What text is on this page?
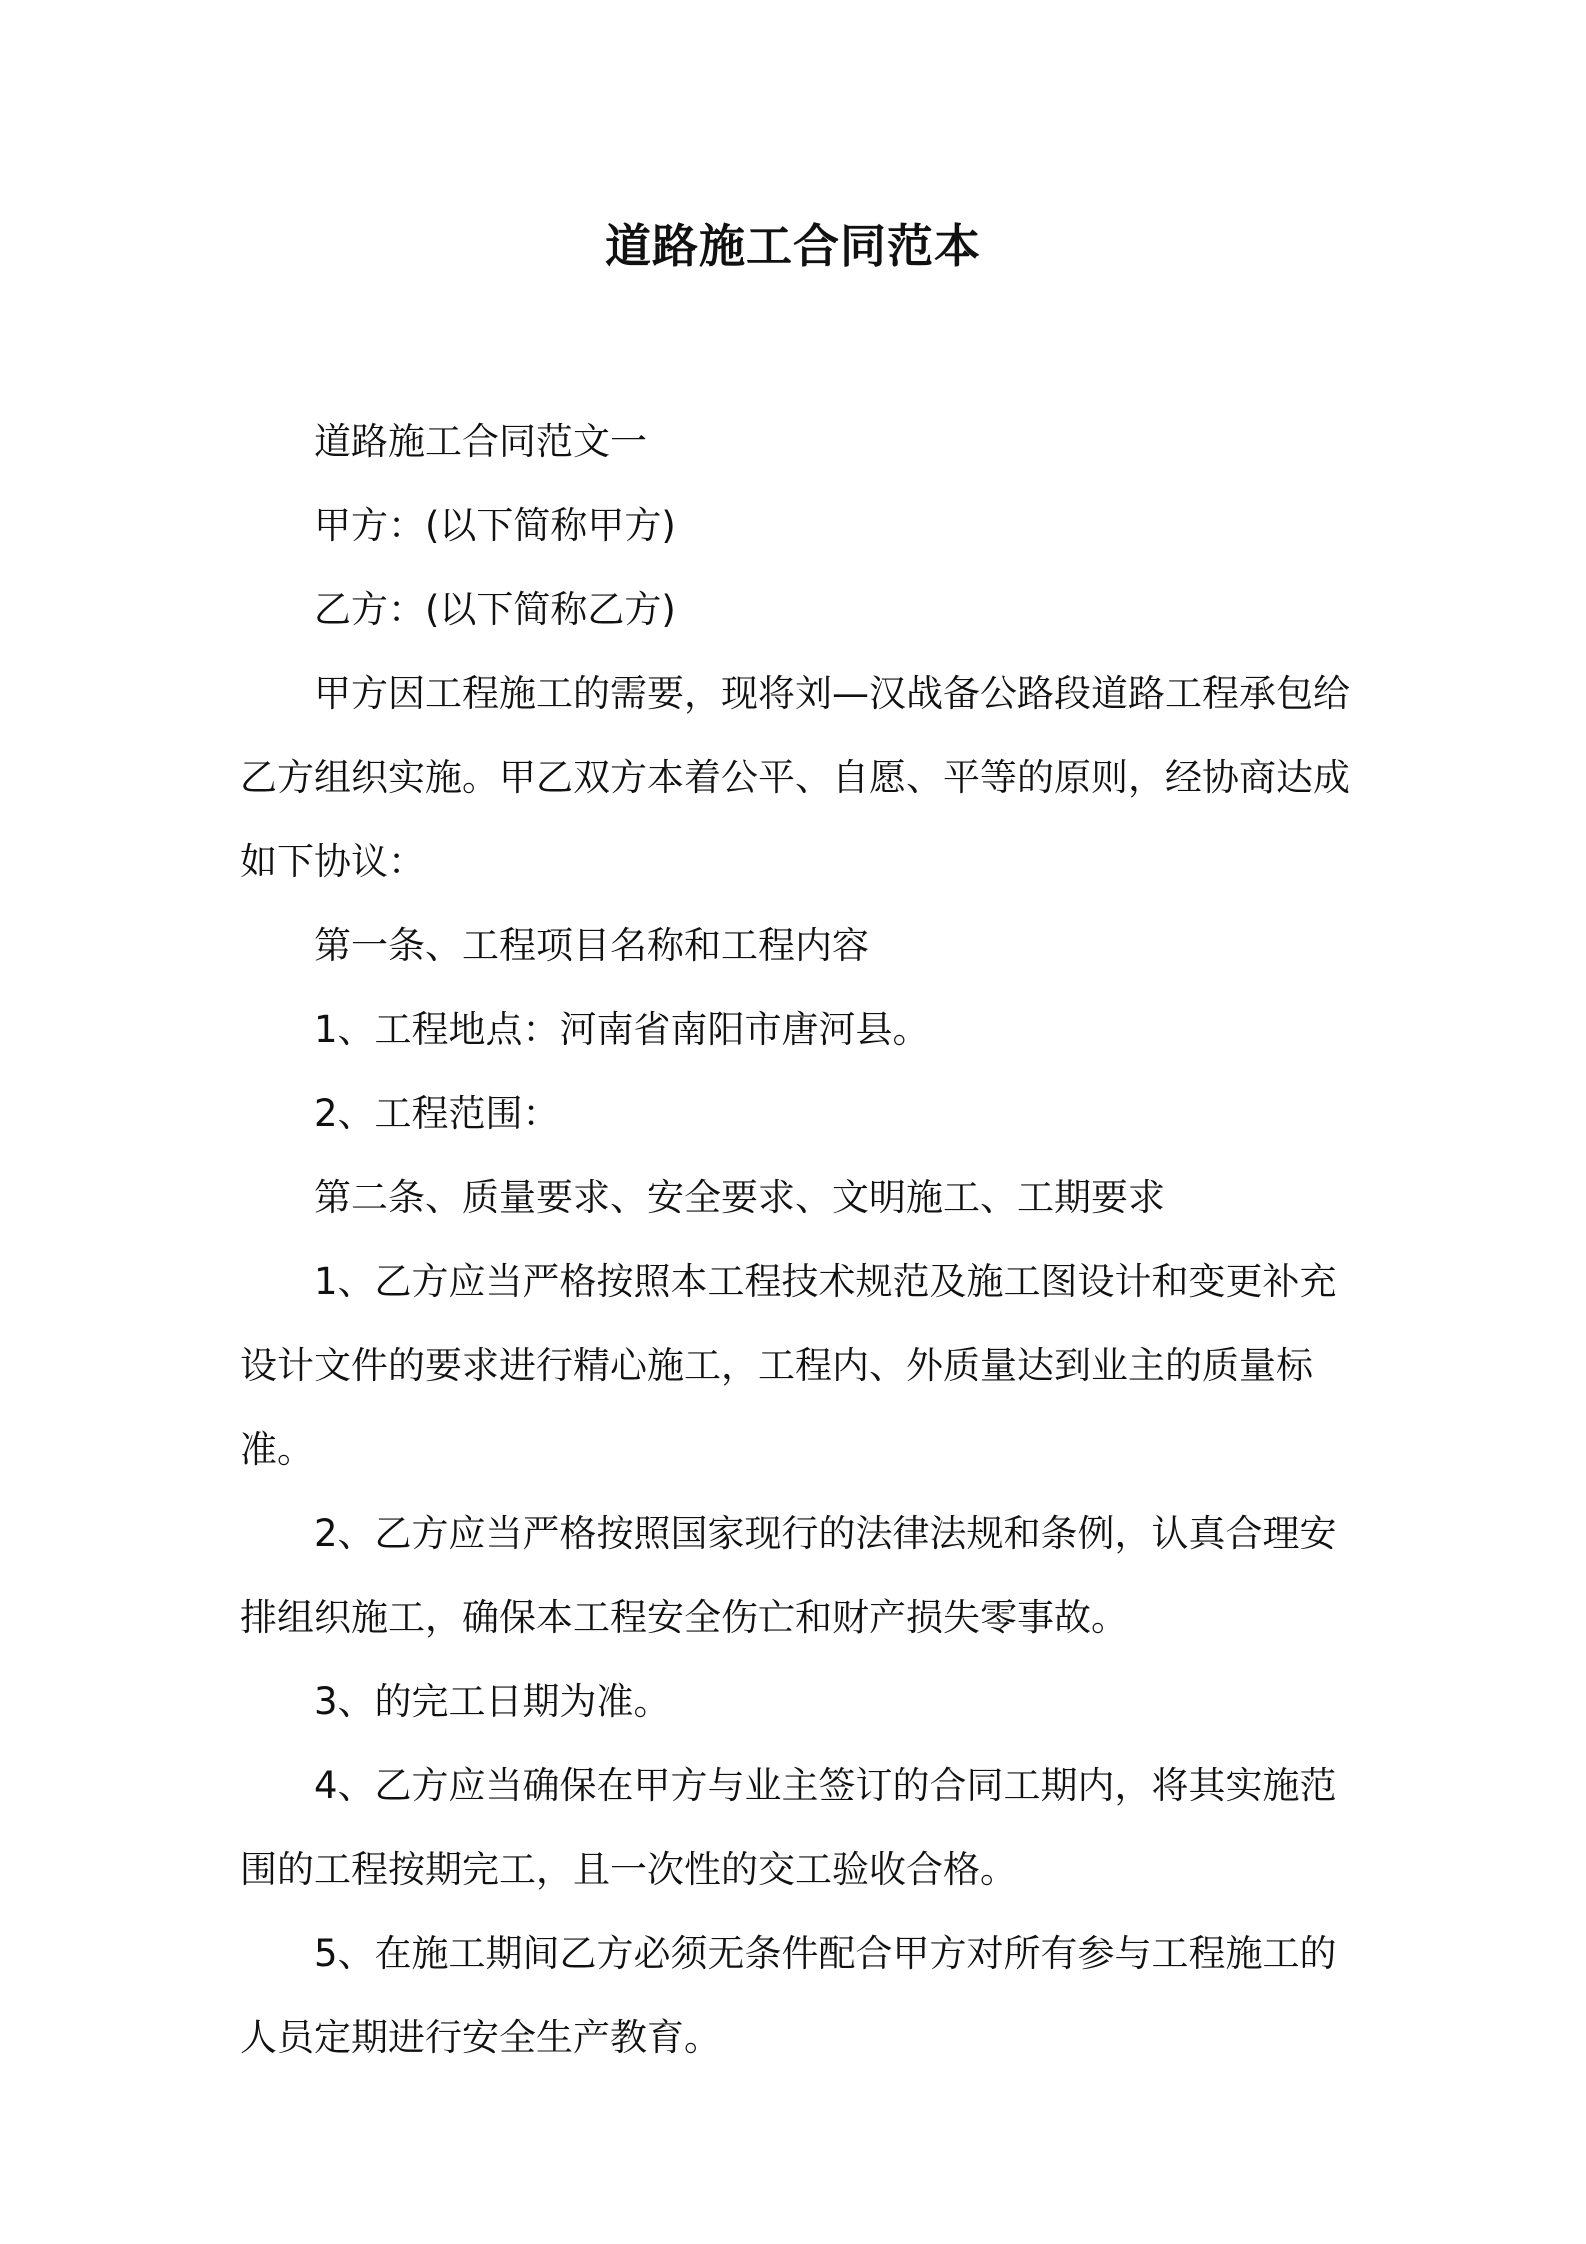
道路施工合同范本

道路施工合同范文一

甲方：(以下简称甲方)

乙方：(以下简称乙方)

甲方因工程施工的需要，现将刘—汉战备公路段道路工程承包给乙方组织实施。甲乙双方本着公平、自愿、平等的原则，经协商达成如下协议：

第一条、工程项目名称和工程内容

1、工程地点：河南省南阳市唐河县。

2、工程范围：

第二条、质量要求、安全要求、文明施工、工期要求

1、乙方应当严格按照本工程技术规范及施工图设计和变更补充设计文件的要求进行精心施工，工程内、外质量达到业主的质量标准。

2、乙方应当严格按照国家现行的法律法规和条例，认真合理安排组织施工，确保本工程安全伤亡和财产损失零事故。

3、的完工日期为准。

4、乙方应当确保在甲方与业主签订的合同工期内，将其实施范围的工程按期完工，且一次性的交工验收合格。

5、在施工期间乙方必须无条件配合甲方对所有参与工程施工的人员定期进行安全生产教育。
